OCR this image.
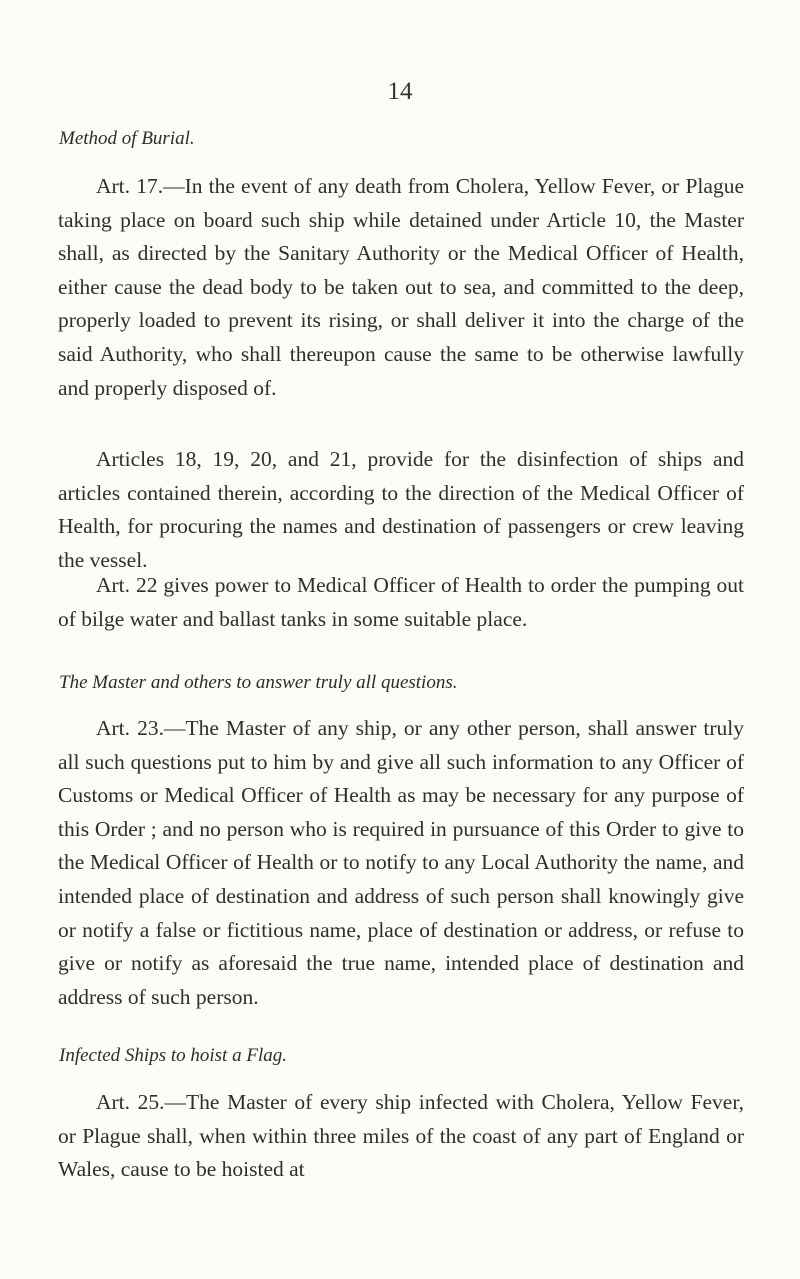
14
Method of Burial.

Art. 17.—In the event of any death from Cholera, Yellow Fever, or Plague taking place on board such ship while detained under Article 10, the Master shall, as directed by the Sanitary Authority or the Medical Officer of Health, either cause the dead body to be taken out to sea, and committed to the deep, properly loaded to prevent its rising, or shall deliver it into the charge of the said Authority, who shall thereupon cause the same to be otherwise lawfully and properly disposed of.

Articles 18, 19, 20, and 21, provide for the disinfection of ships and articles contained therein, according to the direction of the Medical Officer of Health, for procuring the names and destination of passengers or crew leaving the vessel.

Art. 22 gives power to Medical Officer of Health to order the pumping out of bilge water and ballast tanks in some suitable place.

The Master and others to answer truly all questions.

Art. 23.—The Master of any ship, or any other person, shall answer truly all such questions put to him by and give all such information to any Officer of Customs or Medical Officer of Health as may be necessary for any purpose of this Order ; and no person who is required in pursuance of this Order to give to the Medical Officer of Health or to notify to any Local Authority the name, and intended place of destination and address of such person shall knowingly give or notify a false or fictitious name, place of destination or address, or refuse to give or notify as aforesaid the true name, intended place of destination and address of such person.

Infected Ships to hoist a Flag.

Art. 25.—The Master of every ship infected with Cholera, Yellow Fever, or Plague shall, when within three miles of the coast of any part of England or Wales, cause to be hoisted at
